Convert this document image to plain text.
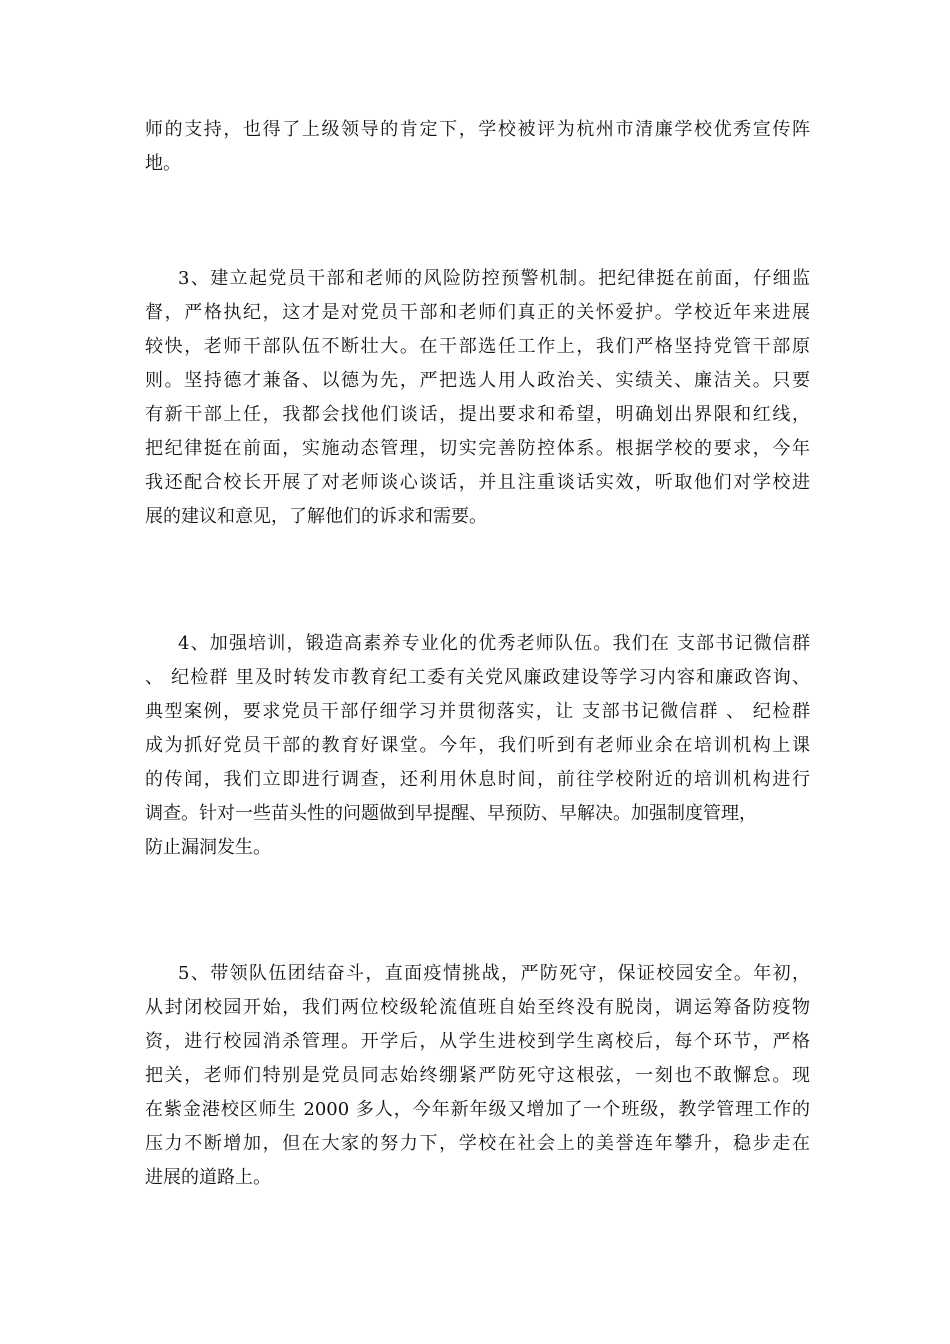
师的支持，也得了上级领导的肯定下，学校被评为杭州市清廉学校优秀宣传阵
地。
3、建立起党员干部和老师的风险防控预警机制。把纪律挺在前面，仔细监
督，严格执纪，这才是对党员干部和老师们真正的关怀爱护。学校近年来进展
较快，老师干部队伍不断壮大。在干部选任工作上，我们严格坚持党管干部原
则。坚持德才兼备、以德为先，严把选人用人政治关、实绩关、廉洁关。只要
有新干部上任，我都会找他们谈话，提出要求和希望，明确划出界限和红线，
把纪律挺在前面，实施动态管理，切实完善防控体系。根据学校的要求，今年
我还配合校长开展了对老师谈心谈话，并且注重谈话实效，听取他们对学校进
展的建议和意见，了解他们的诉求和需要。
4、加强培训，锻造高素养专业化的优秀老师队伍。我们在 支部书记微信群
、 纪检群 里及时转发市教育纪工委有关党风廉政建设等学习内容和廉政咨询、
典型案例，要求党员干部仔细学习并贯彻落实，让 支部书记微信群 、 纪检群
成为抓好党员干部的教育好课堂。今年，我们听到有老师业余在培训机构上课
的传闻，我们立即进行调查，还利用休息时间，前往学校附近的培训机构进行
调查。针对一些苗头性的问题做到早提醒、早预防、早解决。加强制度管理，
防止漏洞发生。
5、带领队伍团结奋斗，直面疫情挑战，严防死守，保证校园安全。年初，
从封闭校园开始，我们两位校级轮流值班自始至终没有脱岗，调运筹备防疫物
资，进行校园消杀管理。开学后，从学生进校到学生离校后，每个环节，严格
把关，老师们特别是党员同志始终绷紧严防死守这根弦，一刻也不敢懈怠。现
在紫金港校区师生 2000 多人，今年新年级又增加了一个班级，教学管理工作的
压力不断增加，但在大家的努力下，学校在社会上的美誉连年攀升，稳步走在
进展的道路上。
